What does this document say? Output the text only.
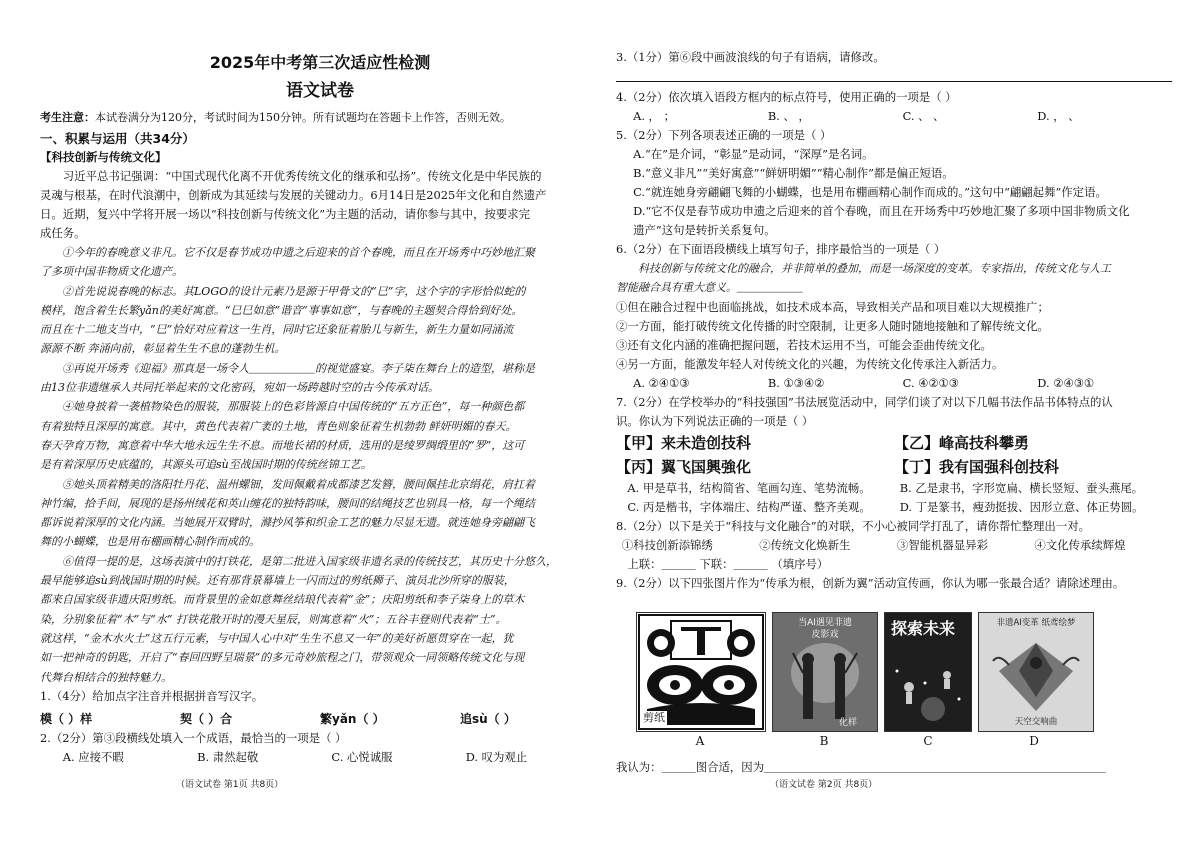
2025年中考第三次适应性检测
语文试卷
考生注意：本试卷满分为120分，考试时间为150分钟。所有试题均在答题卡上作答，否则无效。
一、积累与运用（共34分）
【科技创新与传统文化】

习近平总书记强调：“中国式现代化离不开优秀传统文化的继承和弘扬”。传统文化是中华民族的

灵魂与根基，在时代浪潮中，创新成为其延续与发展的关键动力。6月14日是2025年文化和自然遗产

日。近期，复兴中学将开展一场以“科技创新与传统文化”为主题的活动，请你参与其中，按要求完

成任务。

①今年的春晚意义非凡。它不仅是春节成功申遗之后迎来的首个春晚，而且在开场秀中巧妙地汇聚

了多项中国非物质文化遗产。

②首先说说春晚的标志。其LOGO的设计元素乃是源于甲骨文的“巳”字，这个字的字形恰似蛇的

模样，饱含着生长繁yǎn的美好寓意。“巳巳如意”谐音“事事如意”，与春晚的主题契合得恰到好处。

而且在十二地支当中，“巳”恰好对应着这一生肖，同时它还象征着胎儿与新生，新生力量如同涌流

源源不断 奔涌向前，彰显着生生不息的蓬勃生机。

③再说开场秀《迎福》那真是一场令人＿＿＿＿＿＿的视觉盛宴。李子柒在舞台上的造型，堪称是

由13位非遗继承人共同托举起来的文化密码，宛如一场跨越时空的古今传承对话。

④她身披着一袭植物染色的服装，那服装上的色彩皆源自中国传统的“五方正色”，每一种颜色都

有着独特且深厚的寓意。其中，黄色代表着广袤的土地，青色则象征着生机勃勃 鲜妍明媚的春天。

春天孕育万物，寓意着中华大地永远生生不息。而地长裙的材质，选用的是绫罗绸缎里的“罗”，这可

是有着深厚历史底蕴的，其源头可追sù至战国时期的传统丝锦工艺。

⑤她头顶着精美的洛阳牡丹花、温州螺钿，发间佩戴着成都漆艺发簪，腰间佩挂北京绢花，肩扛着

神竹编，拾手间，展现的是扬州绒花和英山缠花的独特韵味，腰间的结绳技艺也别具一格，每一个绳结

都诉说着深厚的文化内涵。当她展开双臂时，滌抄风筝和织金工艺的魅力尽显无遗。就连她身旁翩翩飞

舞的小蝴蝶，也是用布棚画精心制作而成的。

⑥值得一提的是，这场表演中的打铁花，是第二批进入国家级非遗名录的传统技艺，其历史十分悠久，

最早能够追sù到战国时期的时候。还有那背景幕墙上一闪而过的剪纸狮子、演员北沙所穿的服装，

都来自国家级非遗庆阳剪纸。而背景里的金如意舞丝结琅代表着“金”；庆阳剪纸和李子柒身上的草木

染，分别象征着“木”与“水” 打铁花散开时的漫天星辰，则寓意着“火”；五谷丰登则代表着“土”。

就这样，“金木水火土”这五行元素，与中国人心中对“生生不息又一年”的美好祈愿贯穿在一起，犹

如一把神奇的钥匙，开启了“春回四野呈瑞景”的多元奇妙旅程之门，带领观众一同领略传统文化与现

代舞台相结合的独特魅力。

1.（4分）给加点字注音并根据拼音写汉字。

模（ ）样	契（ ）合	繁yǎn（ ）	追sù（ ）

2.（2分）第③段横线处填入一个成语，最恰当的一项是（ ）

A. 应接不暇	B. 肃然起敬	C. 心悦诚服	D. 叹为观止
（语文试卷 第1页 共8页）

3.（1分）第⑥段中画波浪线的句子有语病，请修改。

4.（2分）依次填入语段方框内的标点符号，使用正确的一项是（ ）

A. ， ；	B. 、 ，	C. 、 、	D. ， 、

5.（2分）下列各项表述正确的一项是（ ）

A.“在”是介词，“彰显”是动词，“深厚”是名词。

B.“意义非凡”“美好寓意”“鲜妍明媚”“精心制作”都是偏正短语。

C.“就连她身旁翩翩飞舞的小蝴蝶，也是用布棚画精心制作而成的。”这句中“翩翩起舞”作定语。

D.“它不仅是春节成功申遗之后迎来的首个春晚，而且在开场秀中巧妙地汇聚了多项中国非物质文化

遗产”这句是转折关系复句。

6.（2分）在下面语段横线上填写句子，排序最恰当的一项是（ ）

科技创新与传统文化的融合，并非简单的叠加，而是一场深度的变革。专家指出，传统文化与人工

智能融合具有重大意义。＿＿＿＿＿＿

①但在融合过程中也面临挑战，如技术成本高，导致相关产品和项目难以大规模推广；

②一方面，能打破传统文化传播的时空限制，让更多人随时随地接触和了解传统文化。

③还有文化内涵的准确把握问题，若技术运用不当，可能会歪曲传统文化。

④另一方面，能激发年轻人对传统文化的兴趣，为传统文化传承注入新活力。

A. ②④①③	B. ①③④②	C. ④②①③	D. ②④③①

7.（2分）在学校举办的“科技强国”书法展览活动中，同学们谈了对以下几幅书法作品书体特点的认

识。你认为下列说法正确的一项是（ ）

【甲】来未造创技科	【乙】峰高技科攀勇
【丙】翼飞国興強化	【丁】我有国强科创技科
A. 甲是草书，结构简省、笔画勾连、笔势流畅。	B. 乙是隶书，字形宽扁、横长竖短、蚕头燕尾。
C. 丙是楷书，字体端庄、结构严谨、整齐美观。	D. 丁是篆书，瘦劲挺拔、因形立意、体正势圆。

8.（2分）以下是关于“科技与文化融合”的对联，不小心被同学打乱了，请你帮忙整理出一对。

①科技创新添锦绣	②传统文化焕新生	③智能机器显异彩	④文化传承续辉煌

上联：＿＿＿ 下联：＿＿＿ （填序号）

9.（2分）以下四张图片作为“传承为根，创新为翼”活动宣传画，你认为哪一张最合适？请除述理由。

剪纸
当AI遇见非遗
皮影戏
化样
探索未来	非遗AI变革 纸鸢绘梦
天空交响曲
A	B	C	D
我认为：＿＿＿图合适，因为＿＿＿＿＿＿＿＿＿＿＿＿＿＿＿＿＿＿＿＿＿＿＿＿＿＿＿＿＿＿
（语文试卷 第2页 共8页）
